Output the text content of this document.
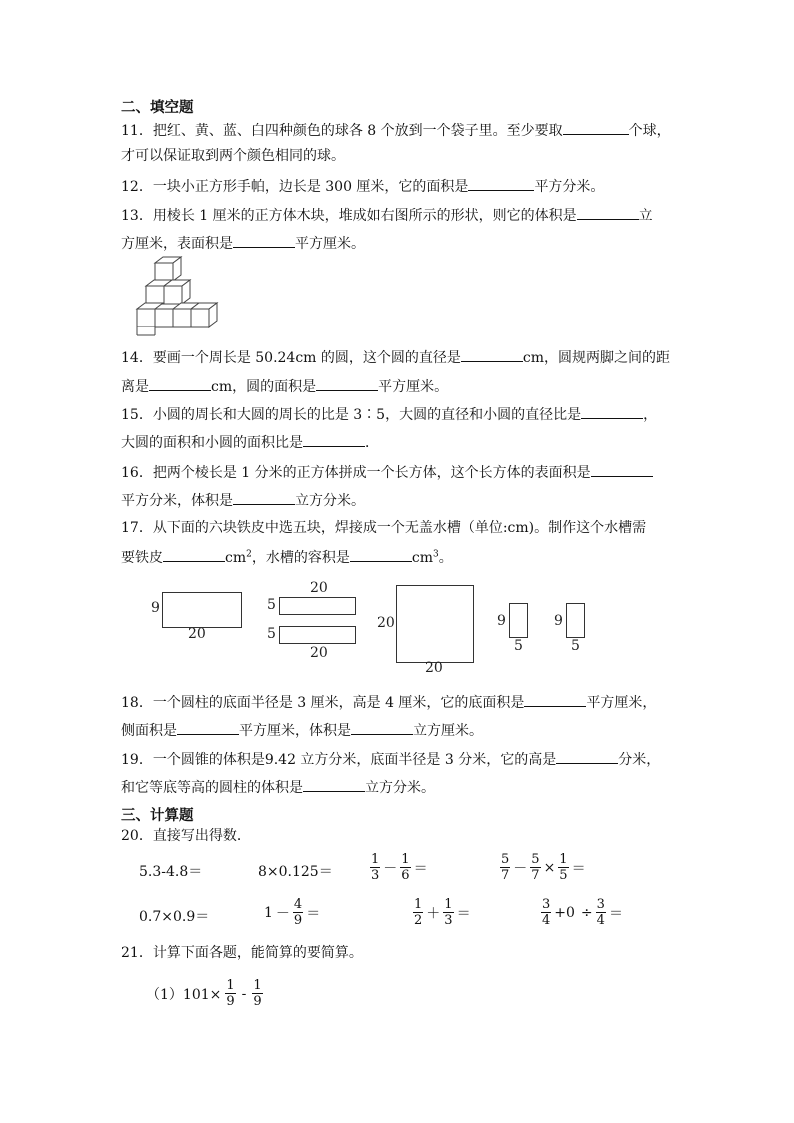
二、填空题
11．把红、黄、蓝、白四种颜色的球各 8 个放到一个袋子里。至少要取	个球，
才可以保证取到两个颜色相同的球。
12．一块小正方形手帕，边长是 300 厘米，它的面积是	平方分米。
13．用棱长 1 厘米的正方体木块，堆成如右图所示的形状，则它的体积是	立
方厘米，表面积是	平方厘米。
14．要画一个周长是 50.24cm 的圆，这个圆的直径是	cm，圆规两脚之间的距
离是	cm，圆的面积是	平方厘米。
15．小圆的周长和大圆的周长的比是 3∶5，大圆的直径和小圆的直径比是	，
大圆的面积和小圆的面积比是	．
16．把两个棱长是 1 分米的正方体拼成一个长方体，这个长方体的表面积是
平方分米，体积是	立方分米。
17．从下面的六块铁皮中选五块，焊接成一个无盖水槽（单位:cm)。制作这个水槽需
要铁皮	$cm^2$，水槽的容积是	$cm^3$。
9
20
20
5
5
20
20
20
9
5
9
5
18．一个圆柱的底面半径是 3 厘米，高是 4 厘米，它的底面积是	平方厘米，
侧面积是	平方厘米，体积是	立方厘米。
19．一个圆锥的体积是9.42 立方分米，底面半径是 3 分米，它的高是	分米，
和它等底等高的圆柱的体积是	立方分米。
三、计算题
20．直接写出得数．
5.3-4.8＝	8×0.125＝	$\frac{1}{3} - \frac{1}{6}$ ＝	$\frac{5}{7} - \frac{5}{7} \times \frac{1}{5}$ ＝
0.7×0.9＝	$1 - \frac{4}{9}$ ＝	$\frac{1}{2} + \frac{1}{3}$ ＝	$\frac{3}{4} +0 \div \frac{3}{4}$ ＝
21．计算下面各题，能简算的要简算。
$(1)101\times \frac{1}{9} - \frac{1}{9}$
